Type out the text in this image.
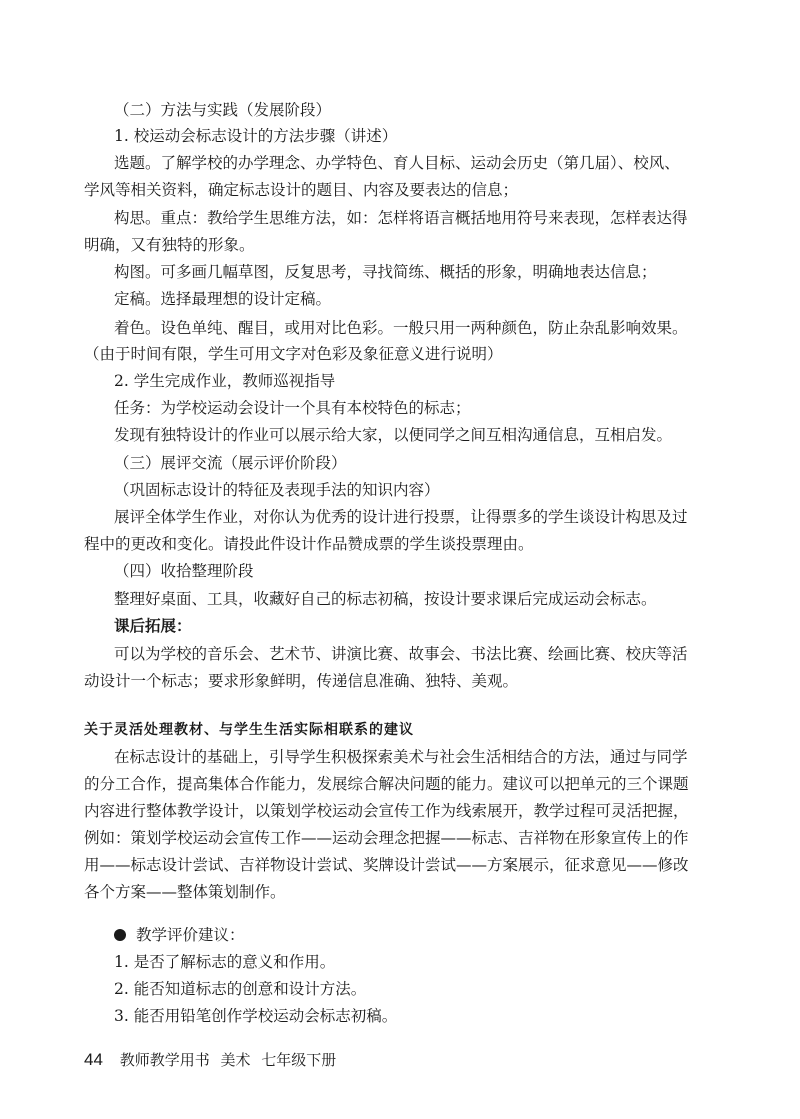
（二）方法与实践（发展阶段）
1. 校运动会标志设计的方法步骤（讲述）
选题。了解学校的办学理念、办学特色、育人目标、运动会历史（第几届）、校风、
学风等相关资料，确定标志设计的题目、内容及要表达的信息；
构思。重点：教给学生思维方法，如：怎样将语言概括地用符号来表现，怎样表达得
明确，又有独特的形象。
构图。可多画几幅草图，反复思考，寻找简练、概括的形象，明确地表达信息；
定稿。选择最理想的设计定稿。
着色。设色单纯、醒目，或用对比色彩。一般只用一两种颜色，防止杂乱影响效果。
（由于时间有限，学生可用文字对色彩及象征意义进行说明）
2. 学生完成作业，教师巡视指导
任务：为学校运动会设计一个具有本校特色的标志；
发现有独特设计的作业可以展示给大家，以便同学之间互相沟通信息，互相启发。
（三）展评交流（展示评价阶段）
（巩固标志设计的特征及表现手法的知识内容）
展评全体学生作业，对你认为优秀的设计进行投票，让得票多的学生谈设计构思及过
程中的更改和变化。请投此件设计作品赞成票的学生谈投票理由。
（四）收拾整理阶段
整理好桌面、工具，收藏好自己的标志初稿，按设计要求课后完成运动会标志。
课后拓展：
可以为学校的音乐会、艺术节、讲演比赛、故事会、书法比赛、绘画比赛、校庆等活
动设计一个标志；要求形象鲜明，传递信息准确、独特、美观。
关于灵活处理教材、与学生生活实际相联系的建议
在标志设计的基础上，引导学生积极探索美术与社会生活相结合的方法，通过与同学
的分工合作，提高集体合作能力，发展综合解决问题的能力。建议可以把单元的三个课题
内容进行整体教学设计，以策划学校运动会宣传工作为线索展开，教学过程可灵活把握，
例如：策划学校运动会宣传工作——运动会理念把握——标志、吉祥物在形象宣传上的作
用——标志设计尝试、吉祥物设计尝试、奖牌设计尝试——方案展示，征求意见——修改
各个方案——整体策划制作。
教学评价建议：
1. 是否了解标志的意义和作用。
2. 能否知道标志的创意和设计方法。
3. 能否用铅笔创作学校运动会标志初稿。
44 教师教学用书 美术 七年级下册
